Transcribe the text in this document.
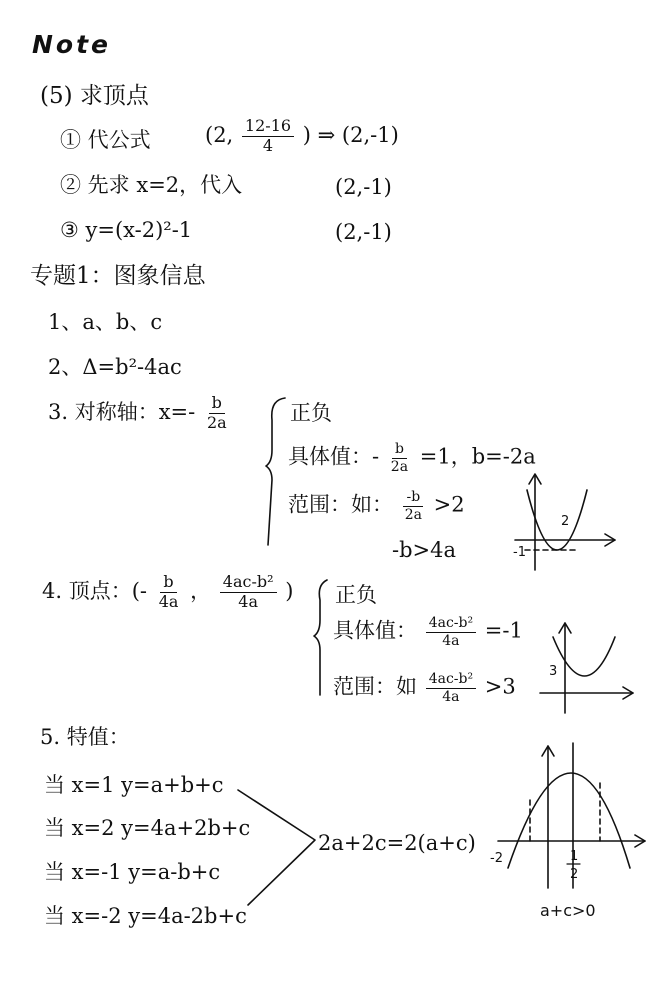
Note
(5) 求顶点
① 代公式	(2, $\frac{12-16}{4}$ ) ⇒ (2,-1)
② 先求 x=2，代入	(2,-1)
③ y=(x-2)²-1	(2,-1)
专题1：图象信息
1、a、b、c
2、Δ=b²-4ac
3. 对称轴：$x=- \frac{b}{2a}$	正负
具体值：- $\frac{b}{2a} =1$，b=-2a
范围：如： $\frac{-b}{2a} >2$
-b>4a
2
-1
4. 顶点：(- $\frac{b}{4a}$ ， $\frac{\text{4ac-b²}}{4a}$ ) 正负
具体值： $\frac{\text{4ac-b²}}{4a} =-1$
范围：如 $\frac{\text{4ac-b²}}{4a} >3$
3
5. 特值：
当 x=1 y=a+b+c
当 x=2 y=4a+2b+c
当 x=-1 y=a-b+c
当 x=-2 y=4a-2b+c
2a+2c=2(a+c)
-2	1
2
a+c>0
